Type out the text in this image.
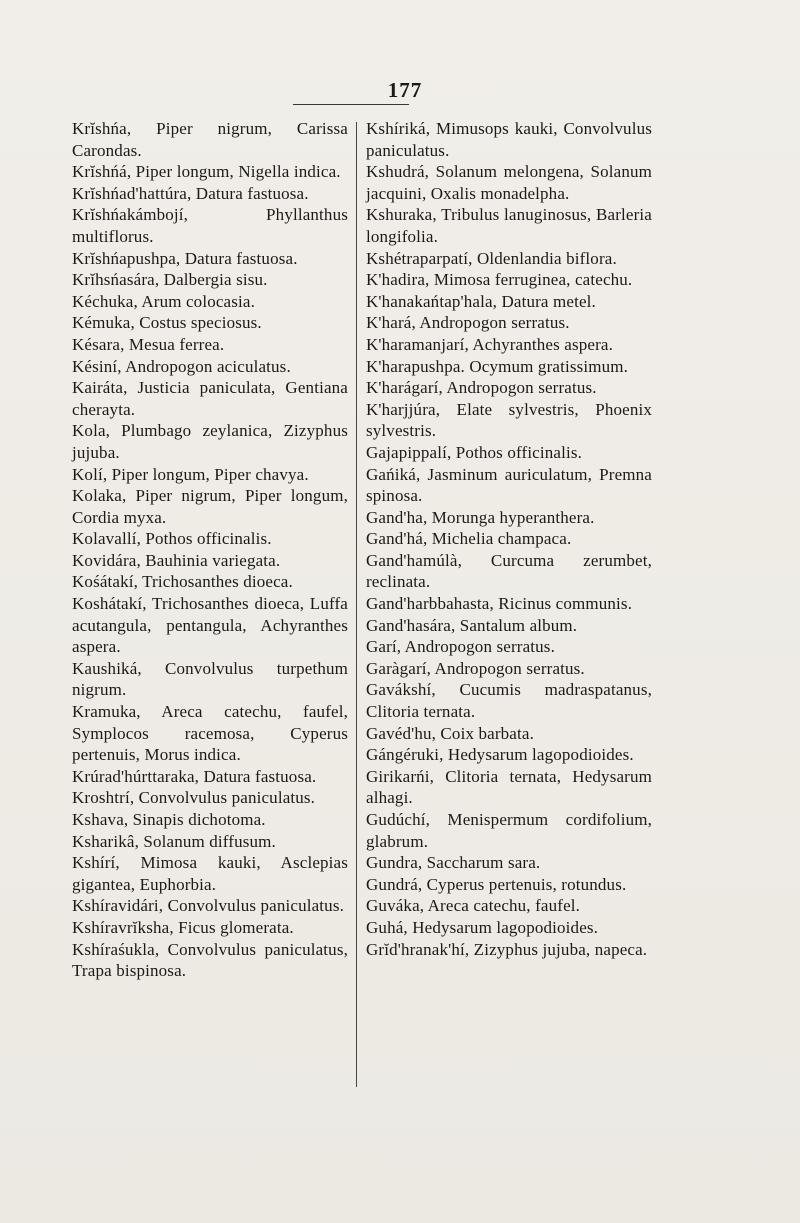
177

Krĭshńa, Piper nigrum, Carissa Carondas.

Krĭshńá, Piper longum, Nigella indica.

Krĭshńad'hattúra, Datura fastuosa.

Krĭshńakámbojí, Phyllanthus multiflorus.

Krĭshńapushpa, Datura fastuosa.

Krĭhsńasára, Dalbergia sisu.

Kéchuka, Arum colocasia.

Kémuka, Costus speciosus.

Késara, Mesua ferrea.

Késiní, Andropogon aciculatus.

Kairáta, Justicia paniculata, Gentiana cherayta.

Kola, Plumbago zeylanica, Zizyphus jujuba.

Kolí, Piper longum, Piper chavya.

Kolaka, Piper nigrum, Piper longum, Cordia myxa.

Kolavallí, Pothos officinalis.

Kovidára, Bauhinia variegata.

Kośátakí, Trichosanthes dioeca.

Koshátakí, Trichosanthes dioeca, Luffa acutangula, pentangula, Achyranthes aspera.

Kaushiká, Convolvulus turpethum nigrum.

Kramuka, Areca catechu, faufel, Symplocos racemosa, Cyperus pertenuis, Morus indica.

Krúrad'húrttaraka, Datura fastuosa.

Kroshtrí, Convolvulus paniculatus.

Kshava, Sinapis dichotoma.

Ksharikâ, Solanum diffusum.

Kshírí, Mimosa kauki, Asclepias gigantea, Euphorbia.

Kshíravidári, Convolvulus paniculatus.

Kshíravrĭksha, Ficus glomerata.

Kshíraśukla, Convolvulus paniculatus, Trapa bispinosa.

Kshíriká, Mimusops kauki, Convolvulus paniculatus.

Kshudrá, Solanum melongena, Solanum jacquini, Oxalis monadelpha.

Kshuraka, Tribulus lanuginosus, Barleria longifolia.

Kshétraparpatí, Oldenlandia biflora.

K'hadira, Mimosa ferruginea, catechu.

K'hanakańtap'hala, Datura metel.

K'hará, Andropogon serratus.

K'haramanjarí, Achyranthes aspera.

K'harapushpa. Ocymum gratissimum.

K'harágarí, Andropogon serratus.

K'harjjúra, Elate sylvestris, Phoenix sylvestris.

Gajapippalí, Pothos officinalis.

Gańiká, Jasminum auriculatum, Premna spinosa.

Gand'ha, Morunga hyperanthera.

Gand'há, Michelia champaca.

Gand'hamúlà, Curcuma zerumbet, reclinata.

Gand'harbbahasta, Ricinus communis.

Gand'hasára, Santalum album.

Garí, Andropogon serratus.

Garàgarí, Andropogon serratus.

Gavákshí, Cucumis madraspatanus, Clitoria ternata.

Gavéd'hu, Coix barbata.

Gángéruki, Hedysarum lagopodioides.

Girikarńi, Clitoria ternata, Hedysarum alhagi.

Gudúchí, Menispermum cordifolium, glabrum.

Gundra, Saccharum sara.

Gundrá, Cyperus pertenuis, rotundus.

Guváka, Areca catechu, faufel.

Guhá, Hedysarum lagopodioides.

Grĭd'hranak'hí, Zizyphus jujuba, napeca.
